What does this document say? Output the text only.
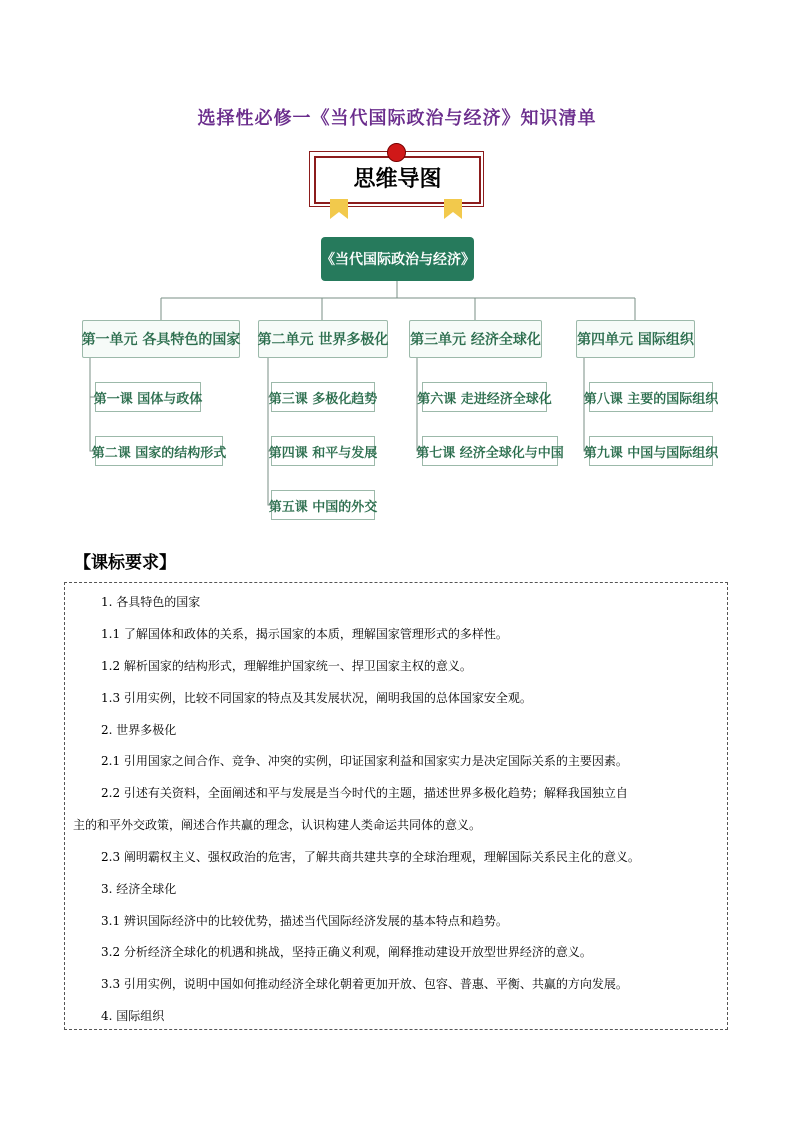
选择性必修一《当代国际政治与经济》知识清单
思维导图
《当代国际政治与经济》
第一单元 各具特色的国家 第二单元 世界多极化 第三单元 经济全球化	第四单元 国际组织
第一课 国体与政体
第二课 国家的结构形式
第三课 多极化趋势
第四课 和平与发展
第五课 中国的外交
第六课 走进经济全球化
第七课 经济全球化与中国
第八课 主要的国际组织
第九课 中国与国际组织
【课标要求】
1. 各具特色的国家
1.1 了解国体和政体的关系，揭示国家的本质，理解国家管理形式的多样性。
1.2 解析国家的结构形式，理解维护国家统一、捍卫国家主权的意义。
1.3 引用实例，比较不同国家的特点及其发展状况，阐明我国的总体国家安全观。
2. 世界多极化
2.1 引用国家之间合作、竞争、冲突的实例，印证国家利益和国家实力是决定国际关系的主要因素。
2.2 引述有关资料，全面阐述和平与发展是当今时代的主题，描述世界多极化趋势；解释我国独立自
主的和平外交政策，阐述合作共赢的理念，认识构建人类命运共同体的意义。
2.3 阐明霸权主义、强权政治的危害，了解共商共建共享的全球治理观，理解国际关系民主化的意义。
3. 经济全球化
3.1 辨识国际经济中的比较优势，描述当代国际经济发展的基本特点和趋势。
3.2 分析经济全球化的机遇和挑战，坚持正确义利观，阐释推动建设开放型世界经济的意义。
3.3 引用实例，说明中国如何推动经济全球化朝着更加开放、包容、普惠、平衡、共赢的方向发展。
4. 国际组织
